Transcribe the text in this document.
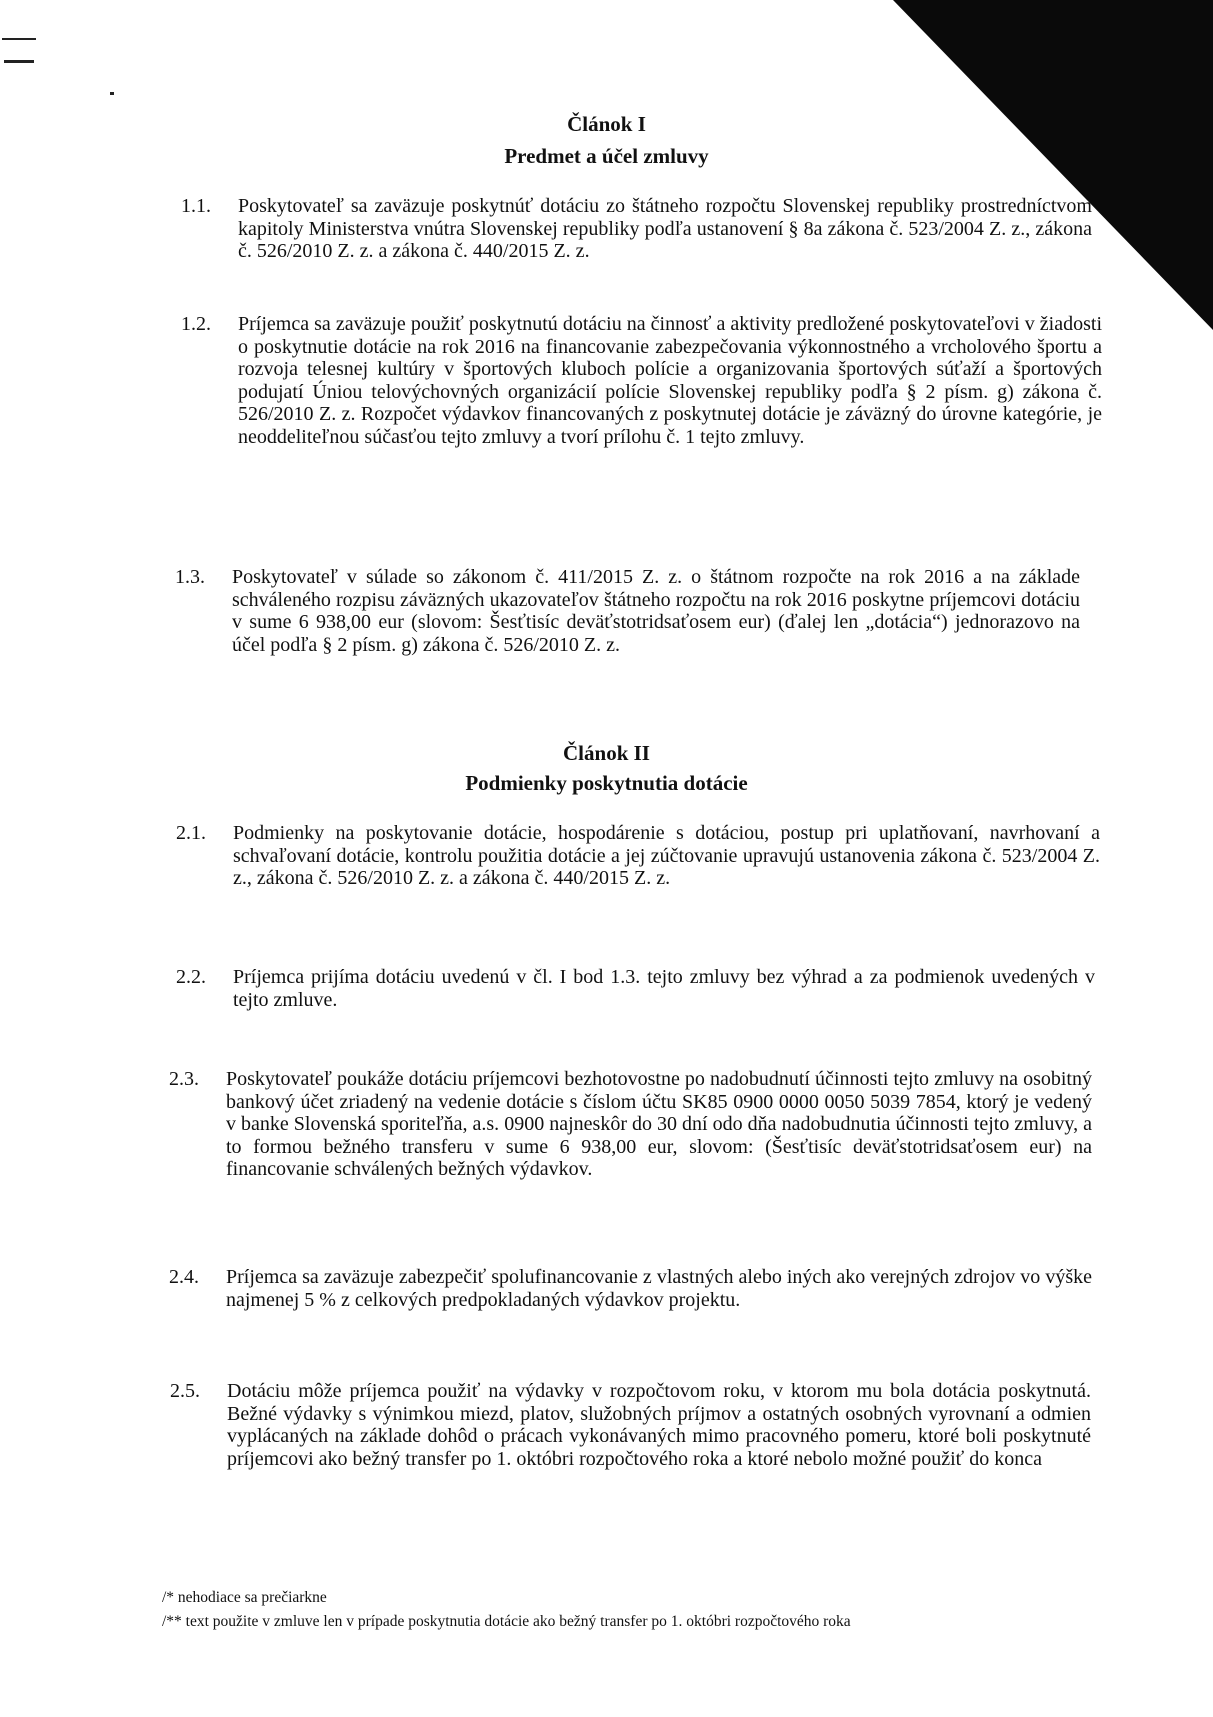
Článok I
Predmet a účel zmluvy
1.1. Poskytovateľ sa zaväzuje poskytnúť dotáciu zo štátneho rozpočtu Slovenskej republiky prostredníctvom kapitoly Ministerstva vnútra Slovenskej republiky podľa ustanovení § 8a zákona č. 523/2004 Z. z., zákona č. 526/2010 Z. z. a zákona č. 440/2015 Z. z.
1.2. Príjemca sa zaväzuje použiť poskytnutú dotáciu na činnosť a aktivity predložené poskytovateľovi v žiadosti o poskytnutie dotácie na rok 2016 na financovanie zabezpečovania výkonnostného a vrcholového športu a rozvoja telesnej kultúry v športových kluboch polície a organizovania športových súťaží a športových podujatí Úniou telovýchovných organizácií polície Slovenskej republiky podľa § 2 písm. g) zákona č. 526/2010 Z. z. Rozpočet výdavkov financovaných z poskytnutej dotácie je záväzný do úrovne kategórie, je neoddeliteľnou súčasťou tejto zmluvy a tvorí prílohu č. 1 tejto zmluvy.
1.3. Poskytovateľ v súlade so zákonom č. 411/2015 Z. z. o štátnom rozpočte na rok 2016 a na základe schváleného rozpisu záväzných ukazovateľov štátneho rozpočtu na rok 2016 poskytne príjemcovi dotáciu v sume 6 938,00 eur (slovom: Šesťtisíc deväťstotridsaťosem eur) (ďalej len „dotácia“) jednorazovo na účel podľa § 2 písm. g) zákona č. 526/2010 Z. z.
Článok II
Podmienky poskytnutia dotácie
2.1. Podmienky na poskytovanie dotácie, hospodárenie s dotáciou, postup pri uplatňovaní, navrhovaní a schvaľovaní dotácie, kontrolu použitia dotácie a jej zúčtovanie upravujú ustanovenia zákona č. 523/2004 Z. z., zákona č. 526/2010 Z. z. a zákona č. 440/2015 Z. z.
2.2. Príjemca prijíma dotáciu uvedenú v čl. I bod 1.3. tejto zmluvy bez výhrad a za podmienok uvedených v tejto zmluve.
2.3. Poskytovateľ poukáže dotáciu príjemcovi bezhotovostne po nadobudnutí účinnosti tejto zmluvy na osobitný bankový účet zriadený na vedenie dotácie s číslom účtu SK85 0900 0000 0050 5039 7854, ktorý je vedený v banke Slovenská sporiteľňa, a.s. 0900 najneskôr do 30 dní odo dňa nadobudnutia účinnosti tejto zmluvy, a to formou bežného transferu v sume 6 938,00 eur, slovom: (Šesťtisíc deväťstotridsaťosem eur) na financovanie schválených bežných výdavkov.
2.4. Príjemca sa zaväzuje zabezpečiť spolufinancovanie z vlastných alebo iných ako verejných zdrojov vo výške najmenej 5 % z celkových predpokladaných výdavkov projektu.
2.5. Dotáciu môže príjemca použiť na výdavky v rozpočtovom roku, v ktorom mu bola dotácia poskytnutá. Bežné výdavky s výnimkou miezd, platov, služobných príjmov a ostatných osobných vyrovnaní a odmien vyplácaných na základe dohôd o prácach vykonávaných mimo pracovného pomeru, ktoré boli poskytnuté príjemcovi ako bežný transfer po 1. októbri rozpočtového roka a ktoré nebolo možné použiť do konca
/* nehodiace sa prečiarkne
/** text použite v zmluve len v prípade poskytnutia dotácie ako bežný transfer po 1. októbri rozpočtového roka
